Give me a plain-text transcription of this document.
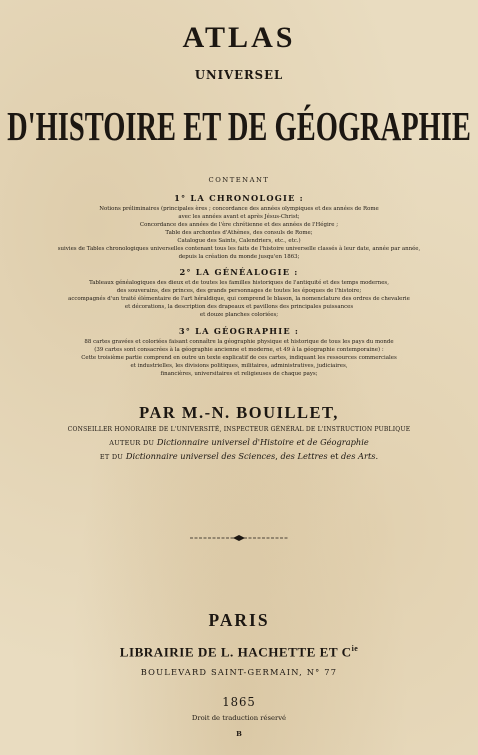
ATLAS
UNIVERSEL
D'HISTOIRE ET DE GÉOGRAPHIE
CONTENANT
1° LA CHRONOLOGIE :
Notions préliminaires (principales ères ; concordance des années olympiques et des années de Rome
avec les années avant et après Jésus-Christ;
Concordance des années de l'ère chrétienne et des années de l'Hégire ;
Table des archontes d'Athènes, des consuls de Rome;
Catalogue des Saints, Calendriers, etc., etc.)
suivies de Tables chronologiques universelles contenant tous les faits de l'histoire universelle classés à leur date, année par année,
depuis la création du monde jusqu'en 1863;
2° LA GÉNÉALOGIE :
Tableaux généalogiques des dieux et de toutes les familles historiques de l'antiquité et des temps modernes,
des souverains, des princes, des grands personnages de toutes les époques de l'histoire;
accompagnés d'un traité élémentaire de l'art héraldique, qui comprend le blason, la nomenclature des ordres de chevalerie
et décorations, la description des drapeaux et pavillons des principales puissances
et douze planches coloriées;
3° LA GÉOGRAPHIE :
88 cartes gravées et coloriées faisant connaître la géographie physique et historique de tous les pays du monde
(39 cartes sont consacrées à la géographie ancienne et moderne, et 49 à la géographie contemporaine) :
Cette troisième partie comprend en outre un texte explicatif de ces cartes, indiquant les ressources commerciales
et industrielles, les divisions politiques, militaires, administratives, judiciaires,
financières, universitaires et religieuses de chaque pays;
PAR M.-N. BOUILLET,
CONSEILLER HONORAIRE DE L'UNIVERSITÉ, INSPECTEUR GÉNÉRAL DE L'INSTRUCTION PUBLIQUE
AUTEUR DU Dictionnaire universel d'Histoire et de Géographie
ET DU Dictionnaire universel des Sciences, des Lettres et des Arts.
PARIS
LIBRAIRIE DE L. HACHETTE ET $C^{ie}$
BOULEVARD SAINT-GERMAIN, N° 77
1865
Droit de traduction réservé
B
